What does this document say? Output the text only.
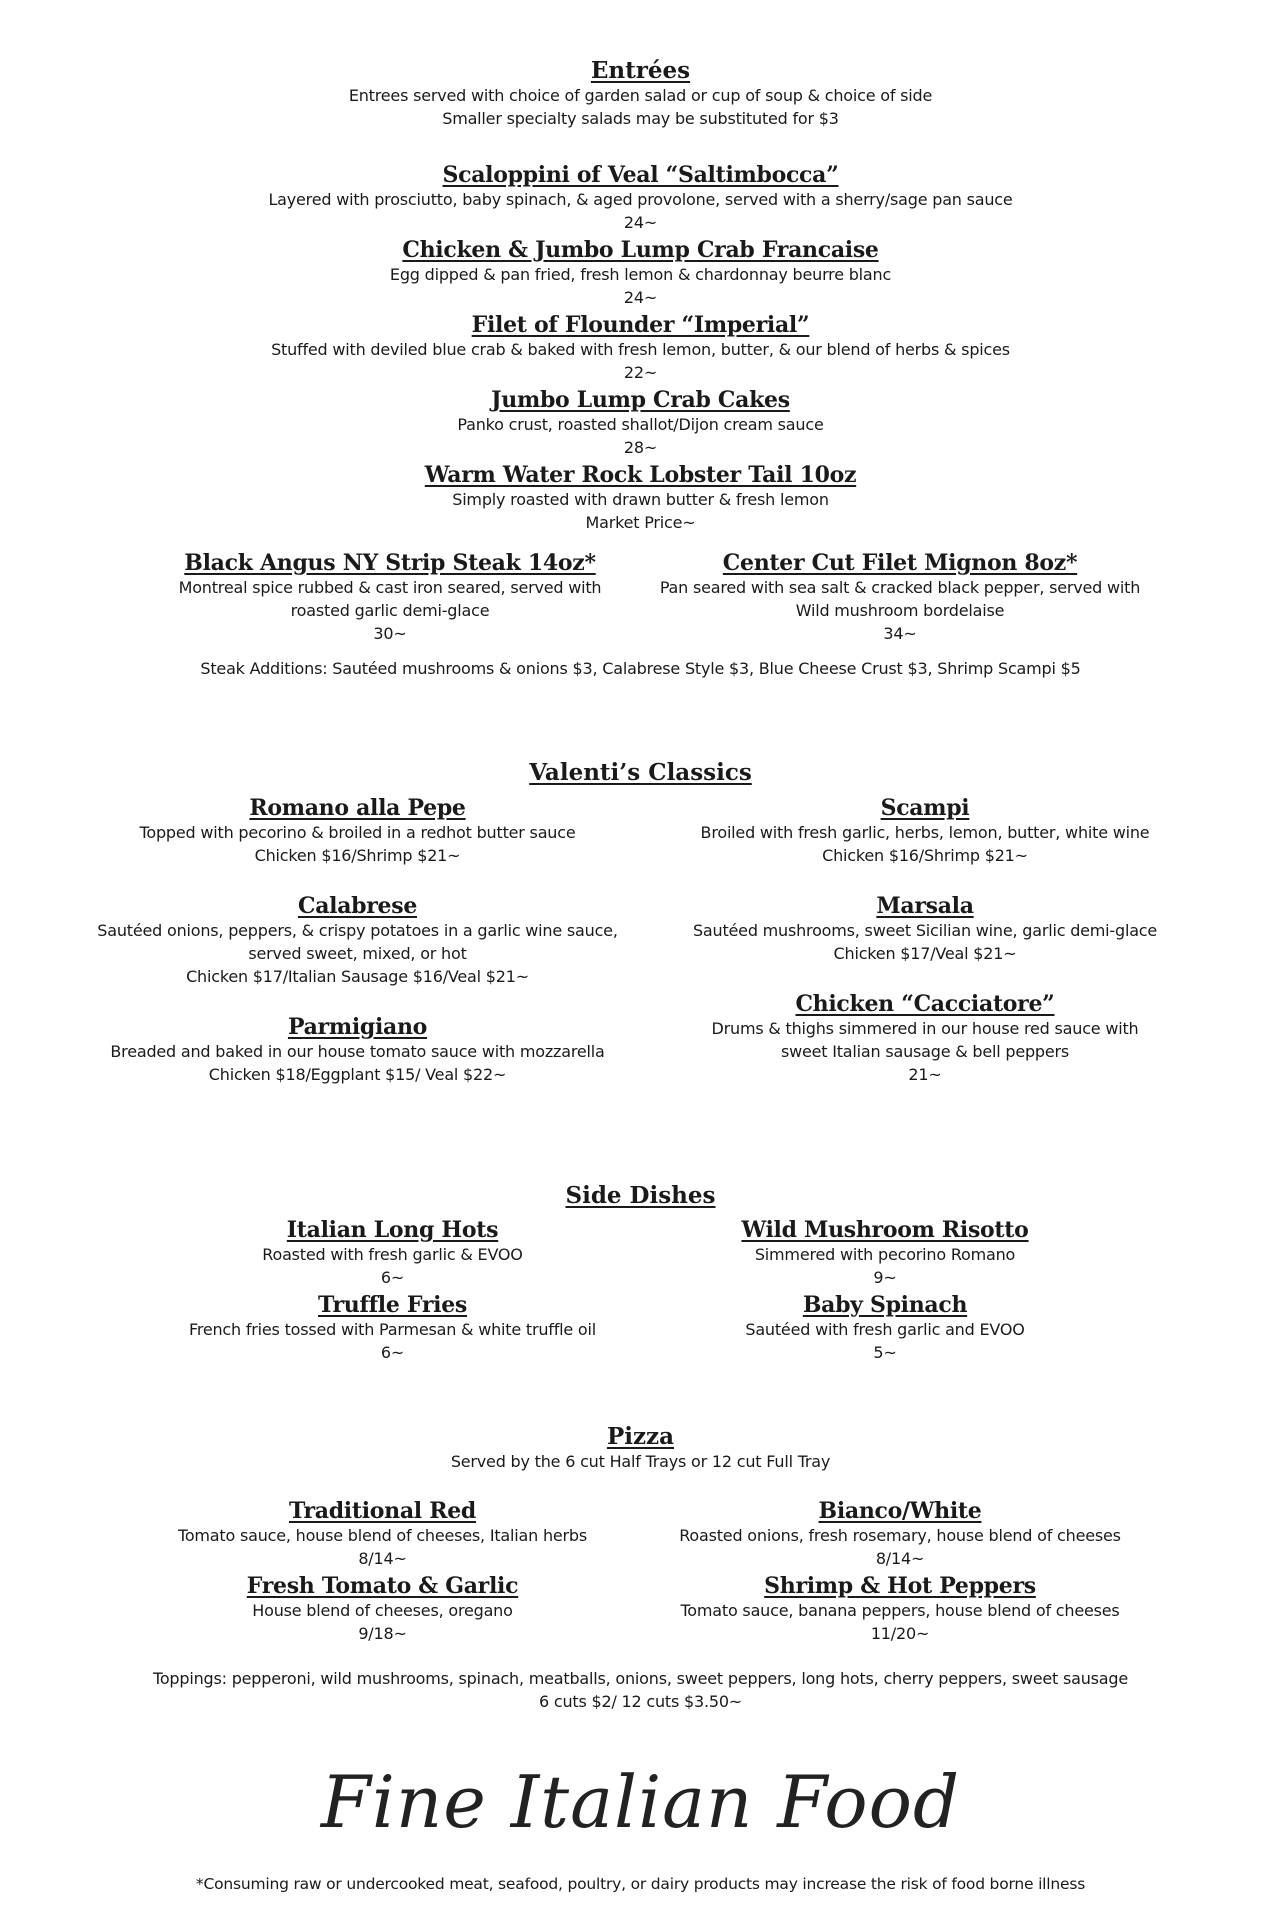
Entrées
Entrees served with choice of garden salad or cup of soup & choice of side
Smaller specialty salads may be substituted for $3
Scaloppini of Veal “Saltimbocca”
Layered with prosciutto, baby spinach, & aged provolone, served with a sherry/sage pan sauce
24~
Chicken & Jumbo Lump Crab Francaise
Egg dipped & pan fried, fresh lemon & chardonnay beurre blanc
24~
Filet of Flounder “Imperial”
Stuffed with deviled blue crab & baked with fresh lemon, butter, & our blend of herbs & spices
22~
Jumbo Lump Crab Cakes
Panko crust, roasted shallot/Dijon cream sauce
28~
Warm Water Rock Lobster Tail 10oz
Simply roasted with drawn butter & fresh lemon
Market Price~
Black Angus NY Strip Steak 14oz*
Montreal spice rubbed & cast iron seared, served with
roasted garlic demi-glace
30~
Center Cut Filet Mignon 8oz*
Pan seared with sea salt & cracked black pepper, served with
Wild mushroom bordelaise
34~
Steak Additions: Sautéed mushrooms & onions $3, Calabrese Style $3, Blue Cheese Crust $3, Shrimp Scampi $5
Valenti’s Classics
Romano alla Pepe
Topped with pecorino & broiled in a redhot butter sauce
Chicken $16/Shrimp $21~
Scampi
Broiled with fresh garlic, herbs, lemon, butter, white wine
Chicken $16/Shrimp $21~
Calabrese
Sautéed onions, peppers, & crispy potatoes in a garlic wine sauce,
served sweet, mixed, or hot
Chicken $17/Italian Sausage $16/Veal $21~
Marsala
Sautéed mushrooms, sweet Sicilian wine, garlic demi-glace
Chicken $17/Veal $21~
Parmigiano
Breaded and baked in our house tomato sauce with mozzarella
Chicken $18/Eggplant $15/ Veal $22~
Chicken “Cacciatore”
Drums & thighs simmered in our house red sauce with
sweet Italian sausage & bell peppers
21~
Side Dishes
Italian Long Hots
Roasted with fresh garlic & EVOO
6~
Wild Mushroom Risotto
Simmered with pecorino Romano
9~
Truffle Fries
French fries tossed with Parmesan & white truffle oil
6~
Baby Spinach
Sautéed with fresh garlic and EVOO
5~
Pizza
Served by the 6 cut Half Trays or 12 cut Full Tray
Traditional Red
Tomato sauce, house blend of cheeses, Italian herbs
8/14~
Bianco/White
Roasted onions, fresh rosemary, house blend of cheeses
8/14~
Fresh Tomato & Garlic
House blend of cheeses, oregano
9/18~
Shrimp & Hot Peppers
Tomato sauce, banana peppers, house blend of cheeses
11/20~
Toppings: pepperoni, wild mushrooms, spinach, meatballs, onions, sweet peppers, long hots, cherry peppers, sweet sausage
6 cuts $2/ 12 cuts $3.50~
Fine Italian Food
*Consuming raw or undercooked meat, seafood, poultry, or dairy products may increase the risk of food borne illness
